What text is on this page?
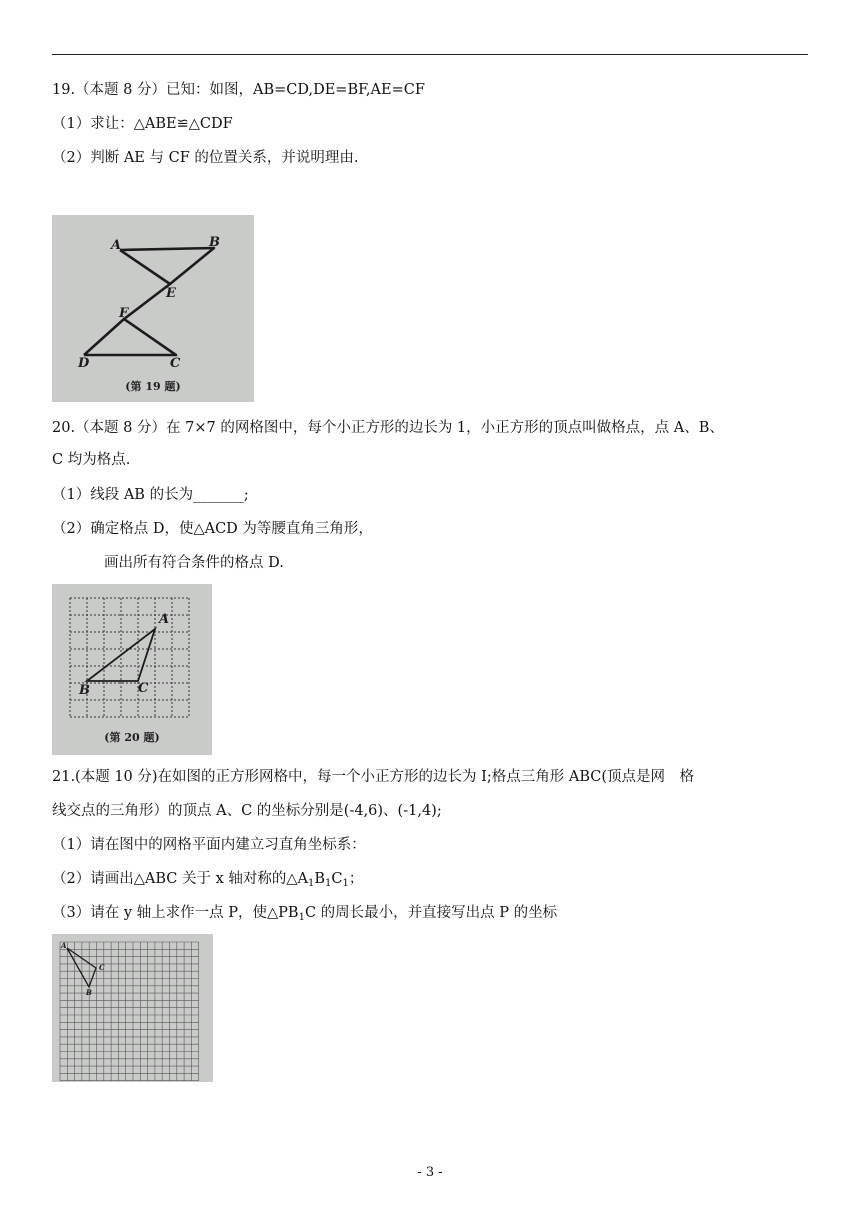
19.（本题 8 分）已知：如图，AB=CD,DE=BF,AE=CF
（1）求让：△ABE≌△CDF
（2）判断 AE 与 CF 的位置关系，并说明理由.
A	B
E
F
D	C
(第 19 题)
20.（本题 8 分）在 7×7 的网格图中，每个小正方形的边长为 1，小正方形的顶点叫做格点，点 A、B、
C 均为格点.
（1）线段 AB 的长为_______;
（2）确定格点 D，使△ACD 为等腰直角三角形，
画出所有符合条件的格点 D.
A
B	C
(第 20 题)
21.(本题 10 分)在如图的正方形网格中，每一个小正方形的边长为 I;格点三角形 ABC(顶点是网　格
线交点的三角形）的顶点 A、C 的坐标分别是(-4,6)、(-1,4);
（1）请在图中的网格平面内建立习直角坐标系：
（2）请画出△ABC 关于 x 轴对称的$\triangle A_1B_1C_1$；
（3）请在 y 轴上求作一点 P，使$\triangle PB_1C$ 的周长最小，并直接写出点 P 的坐标
A
B
C
- 3 -
